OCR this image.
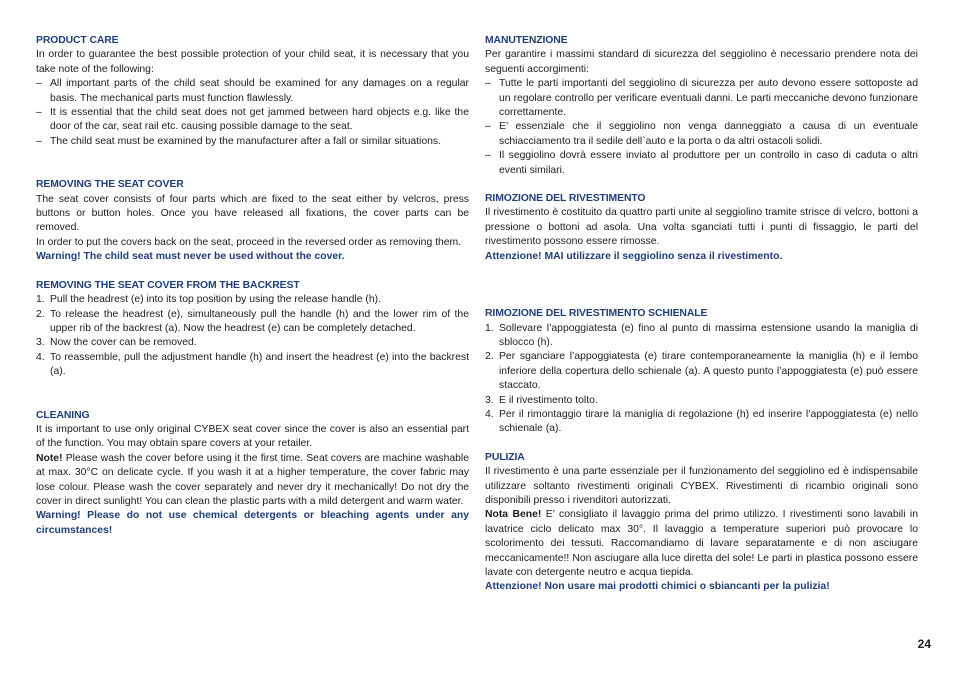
PRODUCT CARE

In order to guarantee the best possible protection of your child seat, it is necessary that you take note of the following:

– All important parts of the child seat should be examined for any damages on a regular basis. The mechanical parts must function flawlessly.
– It is essential that the child seat does not get jammed between hard objects e.g. like the door of the car, seat rail etc. causing possible damage to the seat.
– The child seat must be examined by the manufacturer after a fall or similar situations.
REMOVING THE SEAT COVER

The seat cover consists of four parts which are fixed to the seat either by velcros, press buttons or button holes. Once you have released all fixations, the cover parts can be removed.

In order to put the covers back on the seat, proceed in the reversed order as removing them.

Warning! The child seat must never be used without the cover.

REMOVING THE SEAT COVER FROM THE BACKREST
1. Pull the headrest (e) into its top position by using the release handle (h).
2. To release the headrest (e), simultaneously pull the handle (h) and the lower rim of the upper rib of the backrest (a). Now the headrest (e) can be completely detached.
3. Now the cover can be removed.
4. To reassemble, pull the adjustment handle (h) and insert the headrest (e) into the backrest (a).
CLEANING

It is important to use only original CYBEX seat cover since the cover is also an essential part of the function. You may obtain spare covers at your retailer.

Note! Please wash the cover before using it the first time. Seat covers are machine washable at max. 30°C on delicate cycle. If you wash it at a higher temperature, the cover fabric may lose colour. Please wash the cover separately and never dry it mechanically! Do not dry the cover in direct sunlight! You can clean the plastic parts with a mild detergent and warm water.

Warning! Please do not use chemical detergents or bleaching agents under any circumstances!

MANUTENZIONE

Per garantire i massimi standard di sicurezza del seggiolino è necessario prendere nota dei seguenti accorgimenti:

– Tutte le parti importanti del seggiolino di sicurezza per auto devono essere sottoposte ad un regolare controllo per verificare eventuali danni. Le parti meccaniche devono funzionare correttamente.
– E’ essenziale che il seggiolino non venga danneggiato a causa di un eventuale schiacciamento tra il sedile dell`auto e la porta o da altri ostacoli solidi.
– Il seggiolino dovrà essere inviato al produttore per un controllo in caso di caduta o altri eventi similari.
RIMOZIONE DEL RIVESTIMENTO

Il rivestimento è costituito da quattro parti unite al seggiolino tramite strisce di velcro, bottoni a pressione o bottoni ad asola. Una volta sganciati tutti i punti di fissaggio, le parti del rivestimento possono essere rimosse.

Attenzione! MAI utilizzare il seggiolino senza il rivestimento.

RIMOZIONE DEL RIVESTIMENTO SCHIENALE
1. Sollevare l’appoggiatesta (e) fino al punto di massima estensione usando la maniglia di sblocco (h).
2. Per sganciare l’appoggiatesta (e) tirare contemporaneamente la maniglia (h) e il lembo inferiore della copertura dello schienale (a). A questo punto l’appoggiatesta (e) può essere staccato.
3. E il rivestimento tolto.
4. Per il rimontaggio tirare la maniglia di regolazione (h) ed inserire l’appoggiatesta (e) nello schienale (a).
PULIZIA

Il rivestimento è una parte essenziale per il funzionamento del seggiolino ed è indispensabile utilizzare soltanto rivestimenti originali CYBEX. Rivestimenti di ricambio originali sono disponibili presso i rivenditori autorizzati.

Nota Bene! E’ consigliato il lavaggio prima del primo utilizzo. I rivestimenti sono lavabili in lavatrice ciclo delicato max 30°. Il lavaggio a temperature superiori può provocare lo scolorimento dei tessuti. Raccomandiamo di lavare separatamente e di non asciugare meccanicamente!! Non asciugare alla luce diretta del sole! Le parti in plastica possono essere lavate con detergente neutro e acqua tiepida.

Attenzione! Non usare mai prodotti chimici o sbiancanti per la pulizia!

24
